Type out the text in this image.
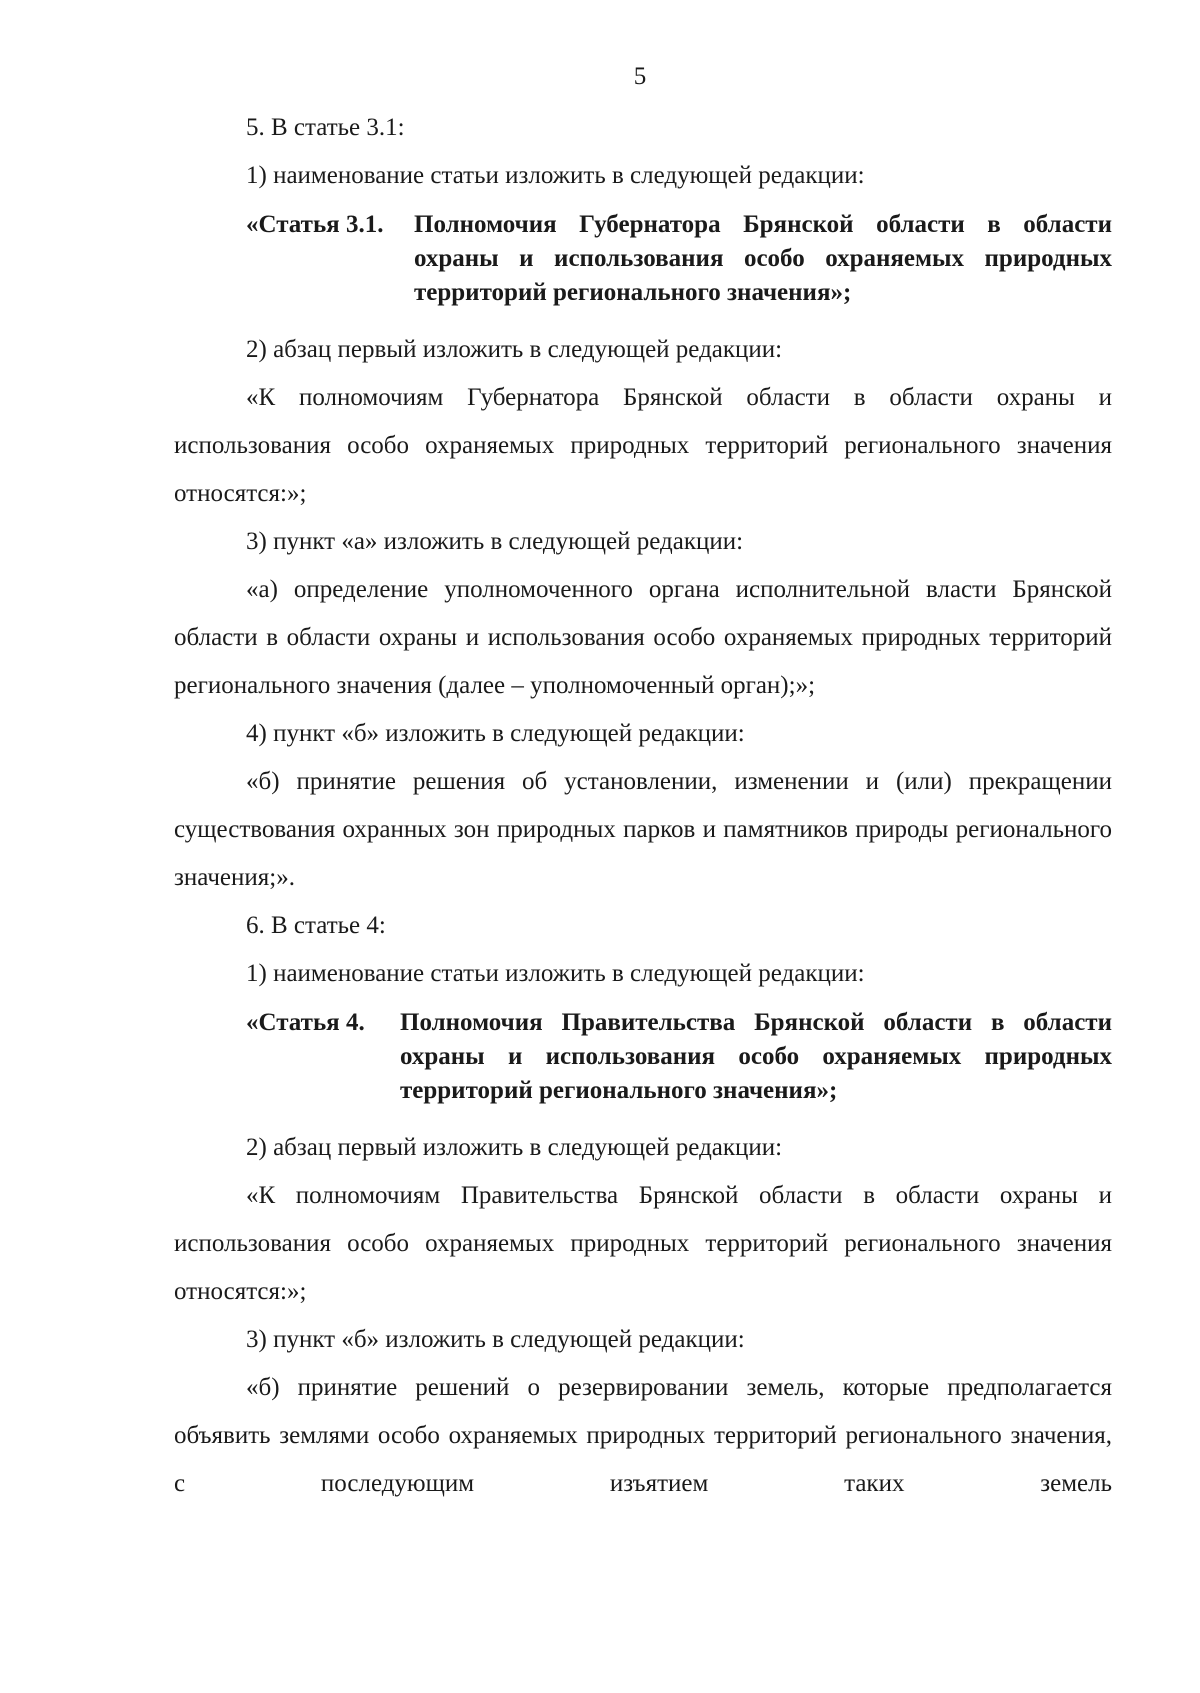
5

5. В статье 3.1:

1) наименование статьи изложить в следующей редакции:

«Статья 3.1.	Полномочия Губернатора Брянской области в области охраны и использования особо охраняемых природных территорий регионального значения»;

2) абзац первый изложить в следующей редакции:

«К полномочиям Губернатора Брянской области в области охраны и использования особо охраняемых природных территорий регионального значения относятся:»;

3) пункт «а» изложить в следующей редакции:

«а) определение уполномоченного органа исполнительной власти Брянской области в области охраны и использования особо охраняемых природных территорий регионального значения (далее – уполномоченный орган);»;

4) пункт «б» изложить в следующей редакции:

«б) принятие решения об установлении, изменении и (или) прекращении существования охранных зон природных парков и памятников природы регионального значения;».

6. В статье 4:

1) наименование статьи изложить в следующей редакции:

«Статья 4.	Полномочия Правительства Брянской области в области охраны и использования особо охраняемых природных территорий регионального значения»;

2) абзац первый изложить в следующей редакции:

«К полномочиям Правительства Брянской области в области охраны и использования особо охраняемых природных территорий регионального значения относятся:»;

3) пункт «б» изложить в следующей редакции:

«б) принятие решений о резервировании земель, которые предполагается объявить землями особо охраняемых природных территорий регионального значения, с последующим изъятием таких земель
